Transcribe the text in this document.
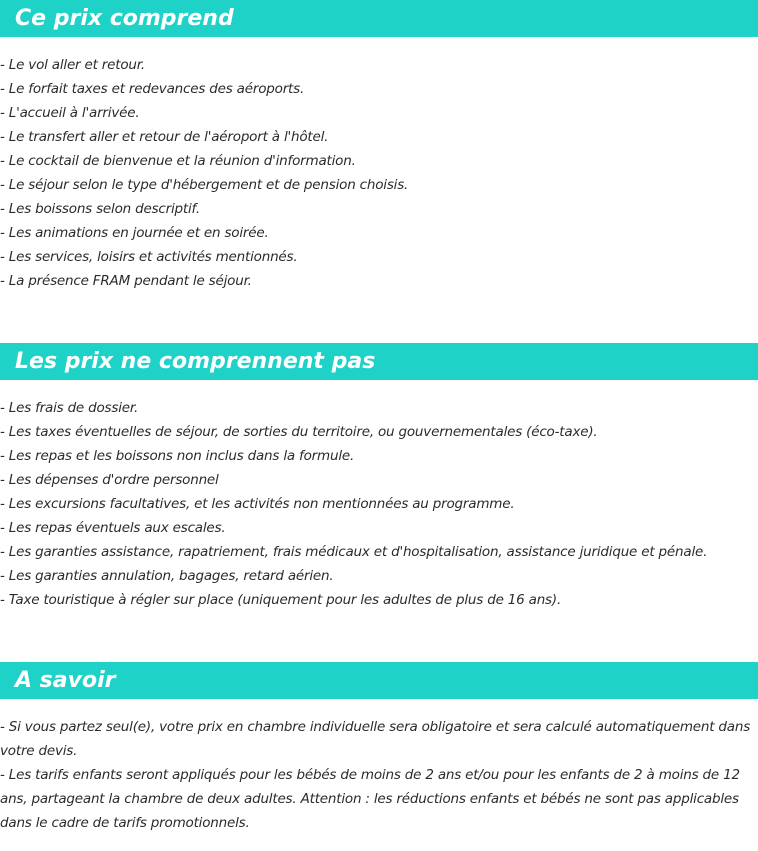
Ce prix comprend
- Le vol aller et retour.
- Le forfait taxes et redevances des aéroports.
- L'accueil à l'arrivée.
- Le transfert aller et retour de l'aéroport à l'hôtel.
- Le cocktail de bienvenue et la réunion d'information.
- Le séjour selon le type d'hébergement et de pension choisis.
- Les boissons selon descriptif.
- Les animations en journée et en soirée.
- Les services, loisirs et activités mentionnés.
- La présence FRAM pendant le séjour.
Les prix ne comprennent pas
- Les frais de dossier.
- Les taxes éventuelles de séjour, de sorties du territoire, ou gouvernementales (éco-taxe).
- Les repas et les boissons non inclus dans la formule.
- Les dépenses d'ordre personnel
- Les excursions facultatives, et les activités non mentionnées au programme.
- Les repas éventuels aux escales.
- Les garanties assistance, rapatriement, frais médicaux et d'hospitalisation, assistance juridique et pénale.
- Les garanties annulation, bagages, retard aérien.
- Taxe touristique à régler sur place (uniquement pour les adultes de plus de 16 ans).
A savoir

- Si vous partez seul(e), votre prix en chambre individuelle sera obligatoire et sera calculé automatiquement dans votre devis.

- Les tarifs enfants seront appliqués pour les bébés de moins de 2 ans et/ou pour les enfants de 2 à moins de 12 ans, partageant la chambre de deux adultes. Attention : les réductions enfants et bébés ne sont pas applicables dans le cadre de tarifs promotionnels.
